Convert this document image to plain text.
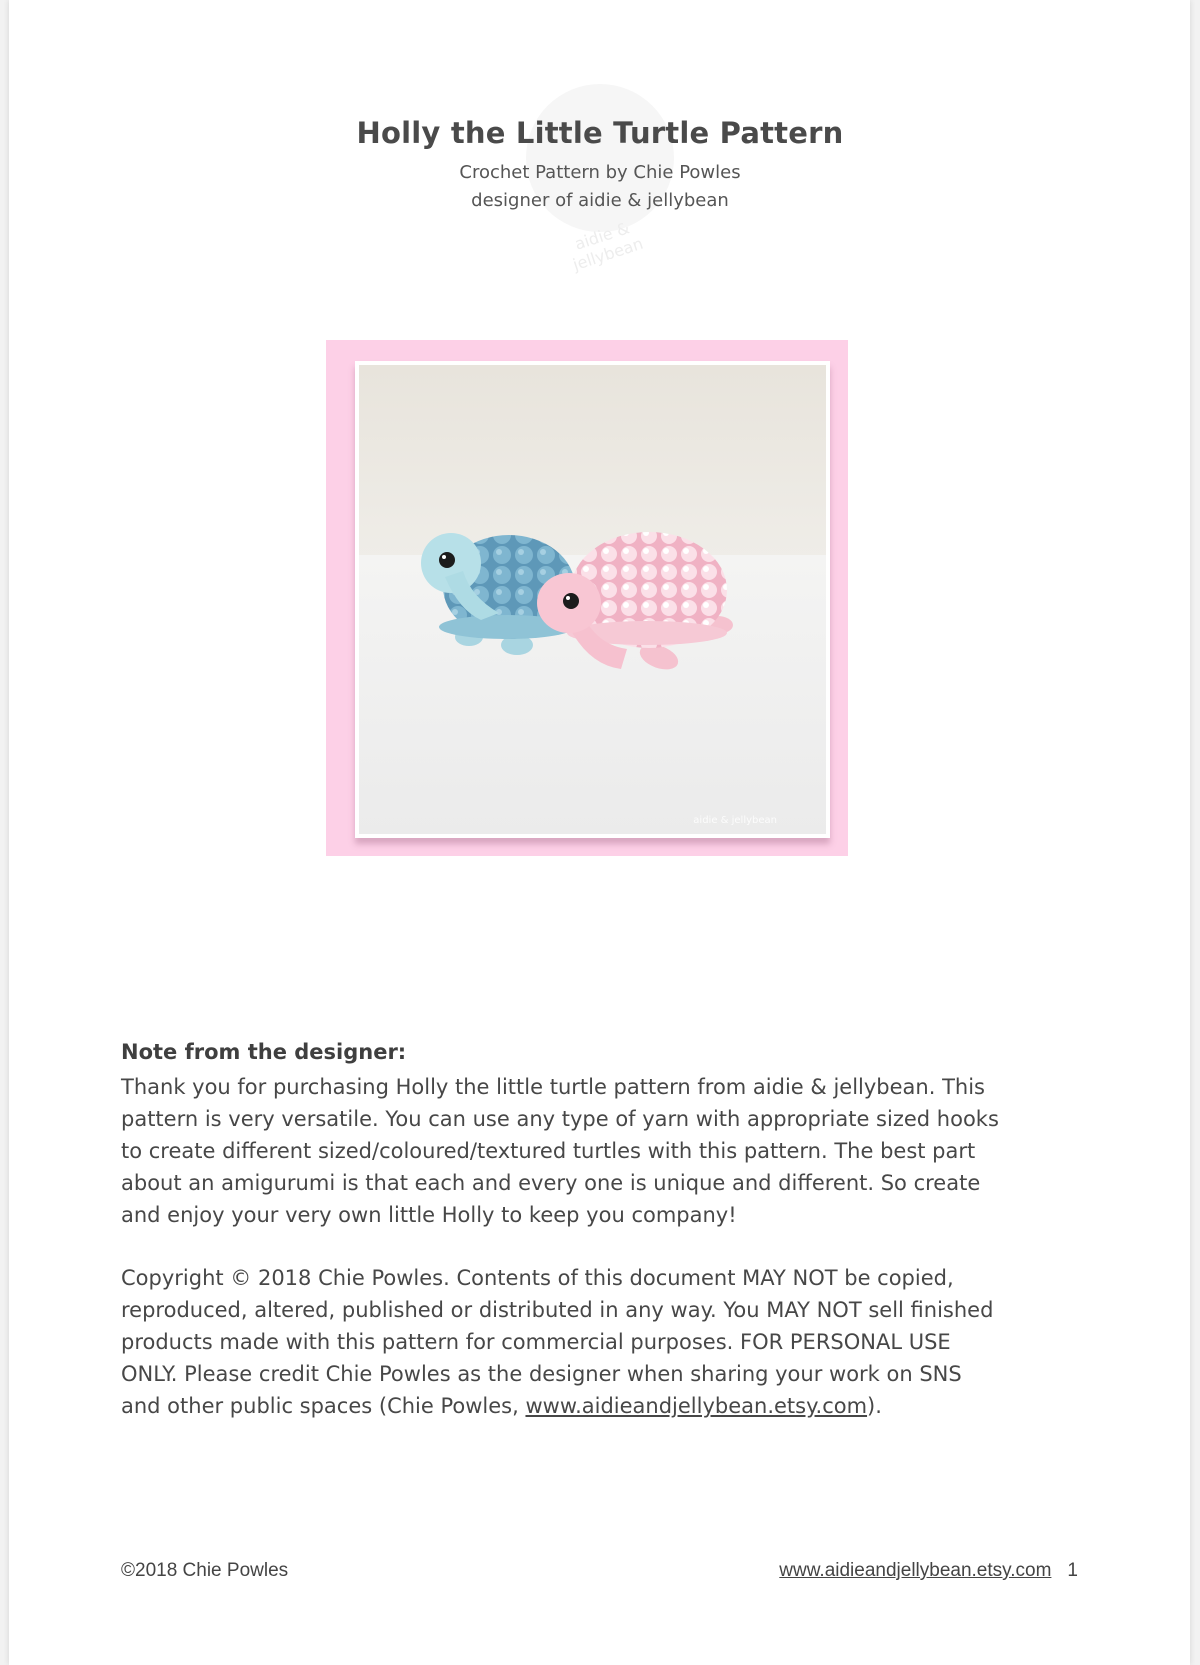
aidie & jellybean
Holly the Little Turtle Pattern
Crochet Pattern by Chie Powles
designer of aidie & jellybean
aidie & jellybean
Note from the designer:
Thank you for purchasing Holly the little turtle pattern from aidie & jellybean. This
pattern is very versatile. You can use any type of yarn with appropriate sized hooks
to create different sized/coloured/textured turtles with this pattern. The best part
about an amigurumi is that each and every one is unique and different. So create
and enjoy your very own little Holly to keep you company!
Copyright © 2018 Chie Powles. Contents of this document MAY NOT be copied,
reproduced, altered, published or distributed in any way. You MAY NOT sell finished
products made with this pattern for commercial purposes. FOR PERSONAL USE
ONLY. Please credit Chie Powles as the designer when sharing your work on SNS
and other public spaces (Chie Powles, www.aidieandjellybean.etsy.com).
©2018 Chie Powles	www.aidieandjellybean.etsy.com 1
